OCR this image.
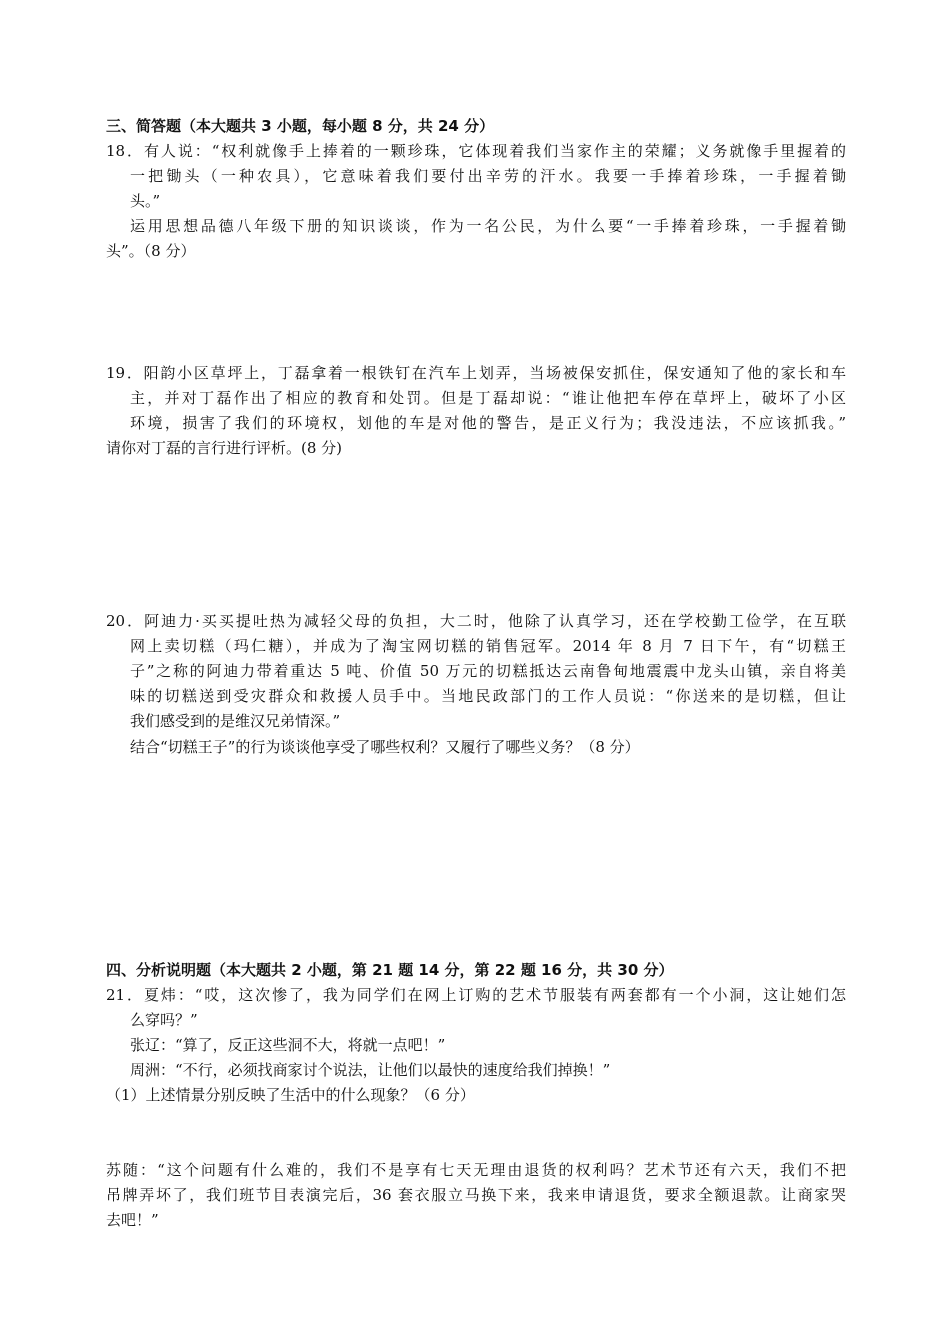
三、简答题（本大题共 3 小题，每小题 8 分，共 24 分）
18．有人说：“权利就像手上捧着的一颗珍珠，它体现着我们当家作主的荣耀；义务就像手里握着的
一把锄头（一种农具），它意味着我们要付出辛劳的汗水。我要一手捧着珍珠，一手握着锄
头。”
运用思想品德八年级下册的知识谈谈，作为一名公民，为什么要“一手捧着珍珠，一手握着锄
头”。（8 分）
19．阳韵小区草坪上，丁磊拿着一根铁钉在汽车上划弄，当场被保安抓住，保安通知了他的家长和车
主，并对丁磊作出了相应的教育和处罚。但是丁磊却说：“谁让他把车停在草坪上，破坏了小区
环境，损害了我们的环境权，划他的车是对他的警告，是正义行为；我没违法，不应该抓我。”
请你对丁磊的言行进行评析。(8 分)
20．阿迪力·买买提吐热为减轻父母的负担，大二时，他除了认真学习，还在学校勤工俭学，在互联
网上卖切糕（玛仁糖），并成为了淘宝网切糕的销售冠军。2014 年 8 月 7 日下午，有“切糕王
子”之称的阿迪力带着重达 5 吨、价值 50 万元的切糕抵达云南鲁甸地震震中龙头山镇，亲自将美
味的切糕送到受灾群众和救援人员手中。当地民政部门的工作人员说：“你送来的是切糕，但让
我们感受到的是维汉兄弟情深。”
结合“切糕王子”的行为谈谈他享受了哪些权利？又履行了哪些义务？（8 分）
四、分析说明题（本大题共 2 小题，第 21 题 14 分，第 22 题 16 分，共 30 分）
21．夏炜：“哎，这次惨了，我为同学们在网上订购的艺术节服装有两套都有一个小洞，这让她们怎
么穿吗？”
张辽：“算了，反正这些洞不大，将就一点吧！”
周洲：“不行，必须找商家讨个说法，让他们以最快的速度给我们掉换！”
（1）上述情景分别反映了生活中的什么现象？（6 分）
苏随：“这个问题有什么难的，我们不是享有七天无理由退货的权利吗？艺术节还有六天，我们不把
吊牌弄坏了，我们班节目表演完后，36 套衣服立马换下来，我来申请退货，要求全额退款。让商家哭
去吧！”
